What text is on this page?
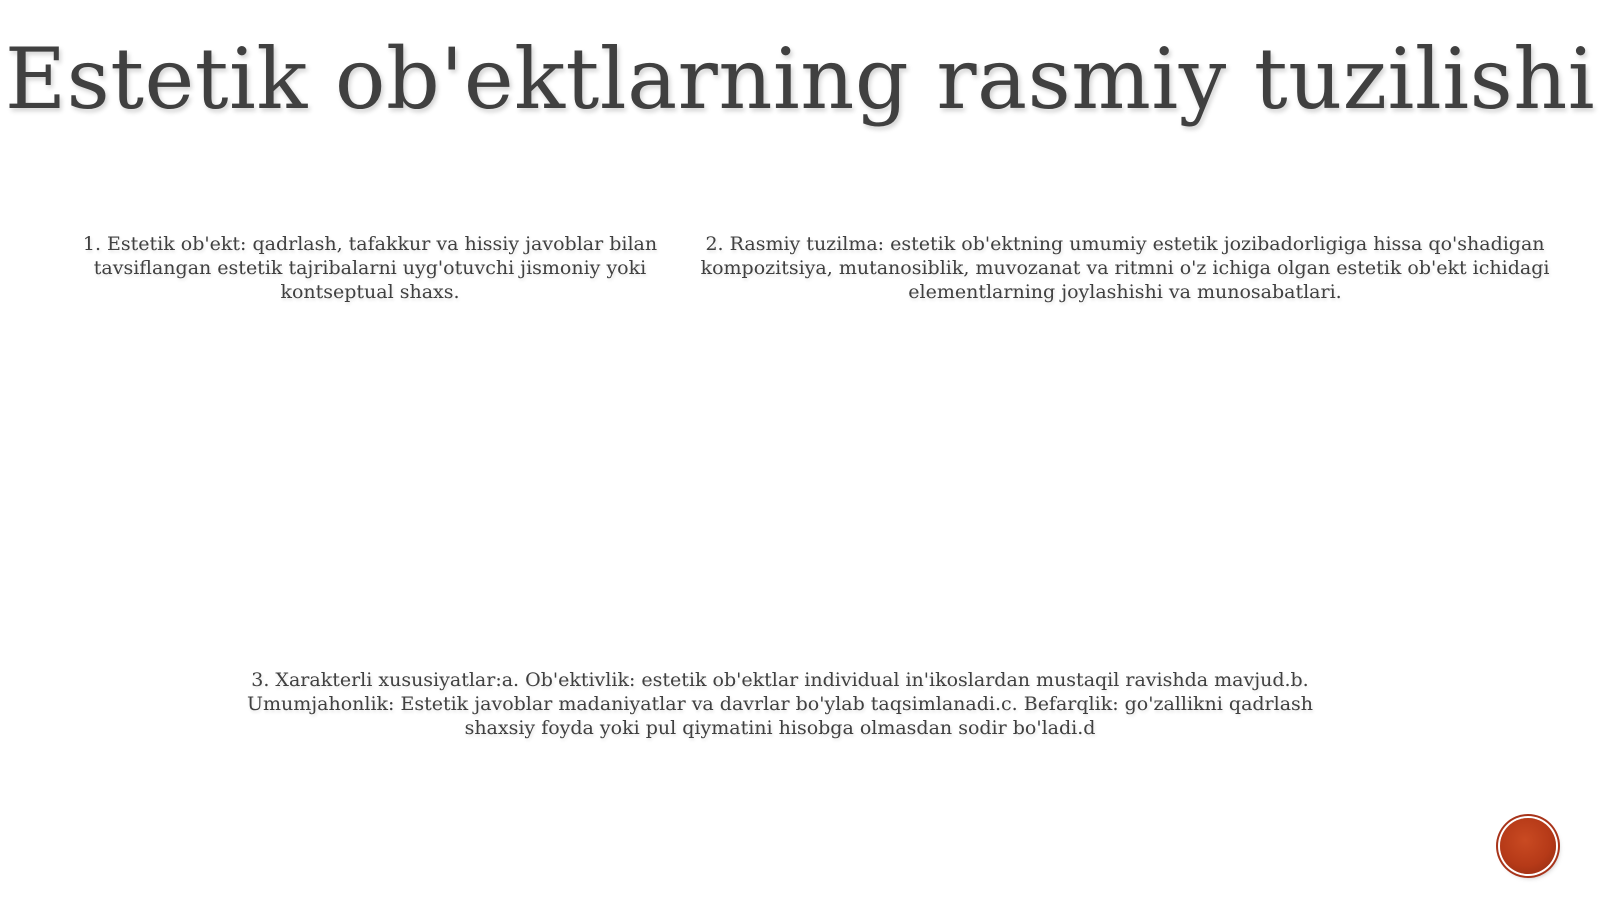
Estetik ob'ektlarning rasmiy tuzilishi
1. Estetik ob'ekt: qadrlash, tafakkur va hissiy javoblar bilan tavsiflangan estetik tajribalarni uyg'otuvchi jismoniy yoki kontseptual shaxs.
2. Rasmiy tuzilma: estetik ob'ektning umumiy estetik jozibadorligiga hissa qo'shadigan kompozitsiya, mutanosiblik, muvozanat va ritmni o'z ichiga olgan estetik ob'ekt ichidagi elementlarning joylashishi va munosabatlari.
3. Xarakterli xususiyatlar:a. Ob'ektivlik: estetik ob'ektlar individual in'ikoslardan mustaqil ravishda mavjud.b. Umumjahonlik: Estetik javoblar madaniyatlar va davrlar bo'ylab taqsimlanadi.c. Befarqlik: go'zallikni qadrlash shaxsiy foyda yoki pul qiymatini hisobga olmasdan sodir bo'ladi.d
